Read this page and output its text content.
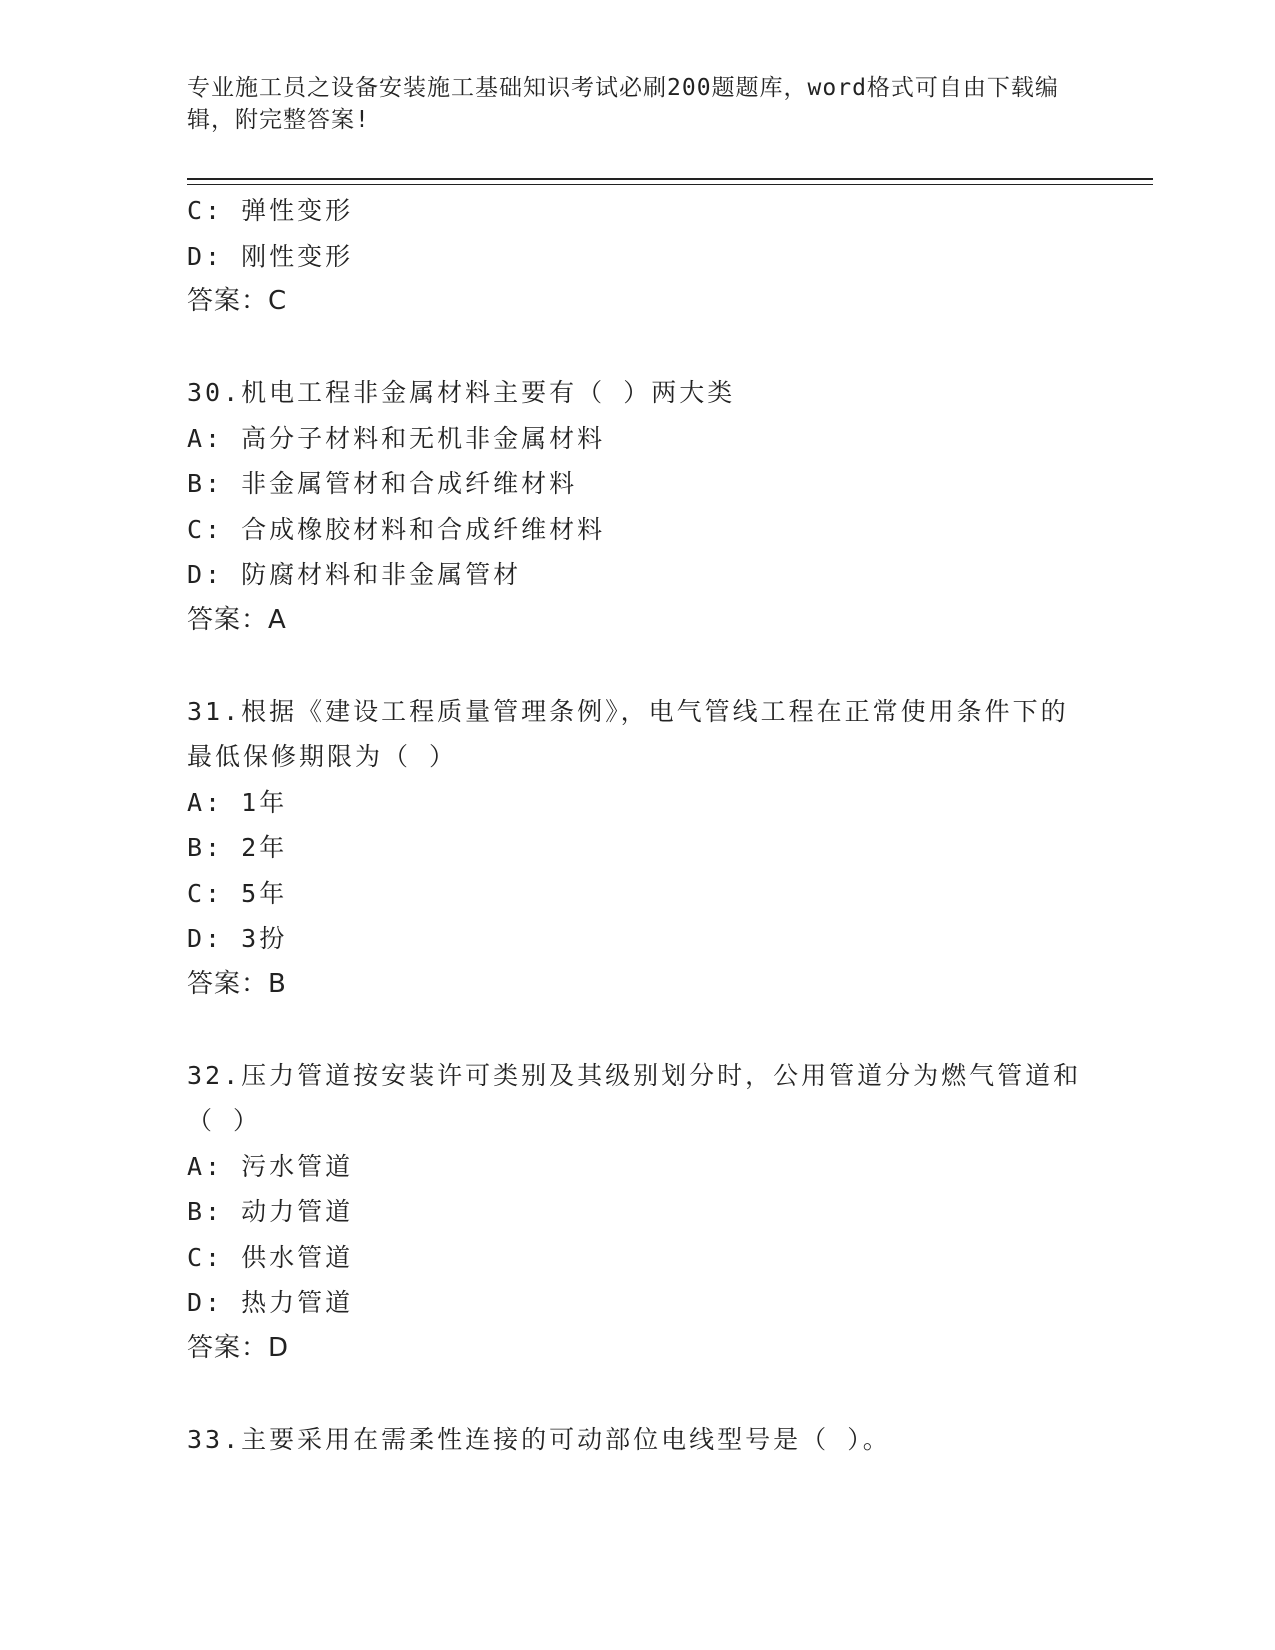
专业施工员之设备安装施工基础知识考试必刷200题题库，word格式可自由下载编辑，附完整答案!
C: 弹性变形
D: 刚性变形
答案：C
30.机电工程非金属材料主要有（ ）两大类
A: 高分子材料和无机非金属材料
B: 非金属管材和合成纤维材料
C: 合成橡胶材料和合成纤维材料
D: 防腐材料和非金属管材
答案：A
31.根据《建设工程质量管理条例》，电气管线工程在正常使用条件下的最低保修期限为（ ）
A: 1年
B: 2年
C: 5年
D: 3扮
答案：B
32.压力管道按安装许可类别及其级别划分时，公用管道分为燃气管道和（ ）
A: 污水管道
B: 动力管道
C: 供水管道
D: 热力管道
答案：D
33.主要采用在需柔性连接的可动部位电线型号是（ ）。
